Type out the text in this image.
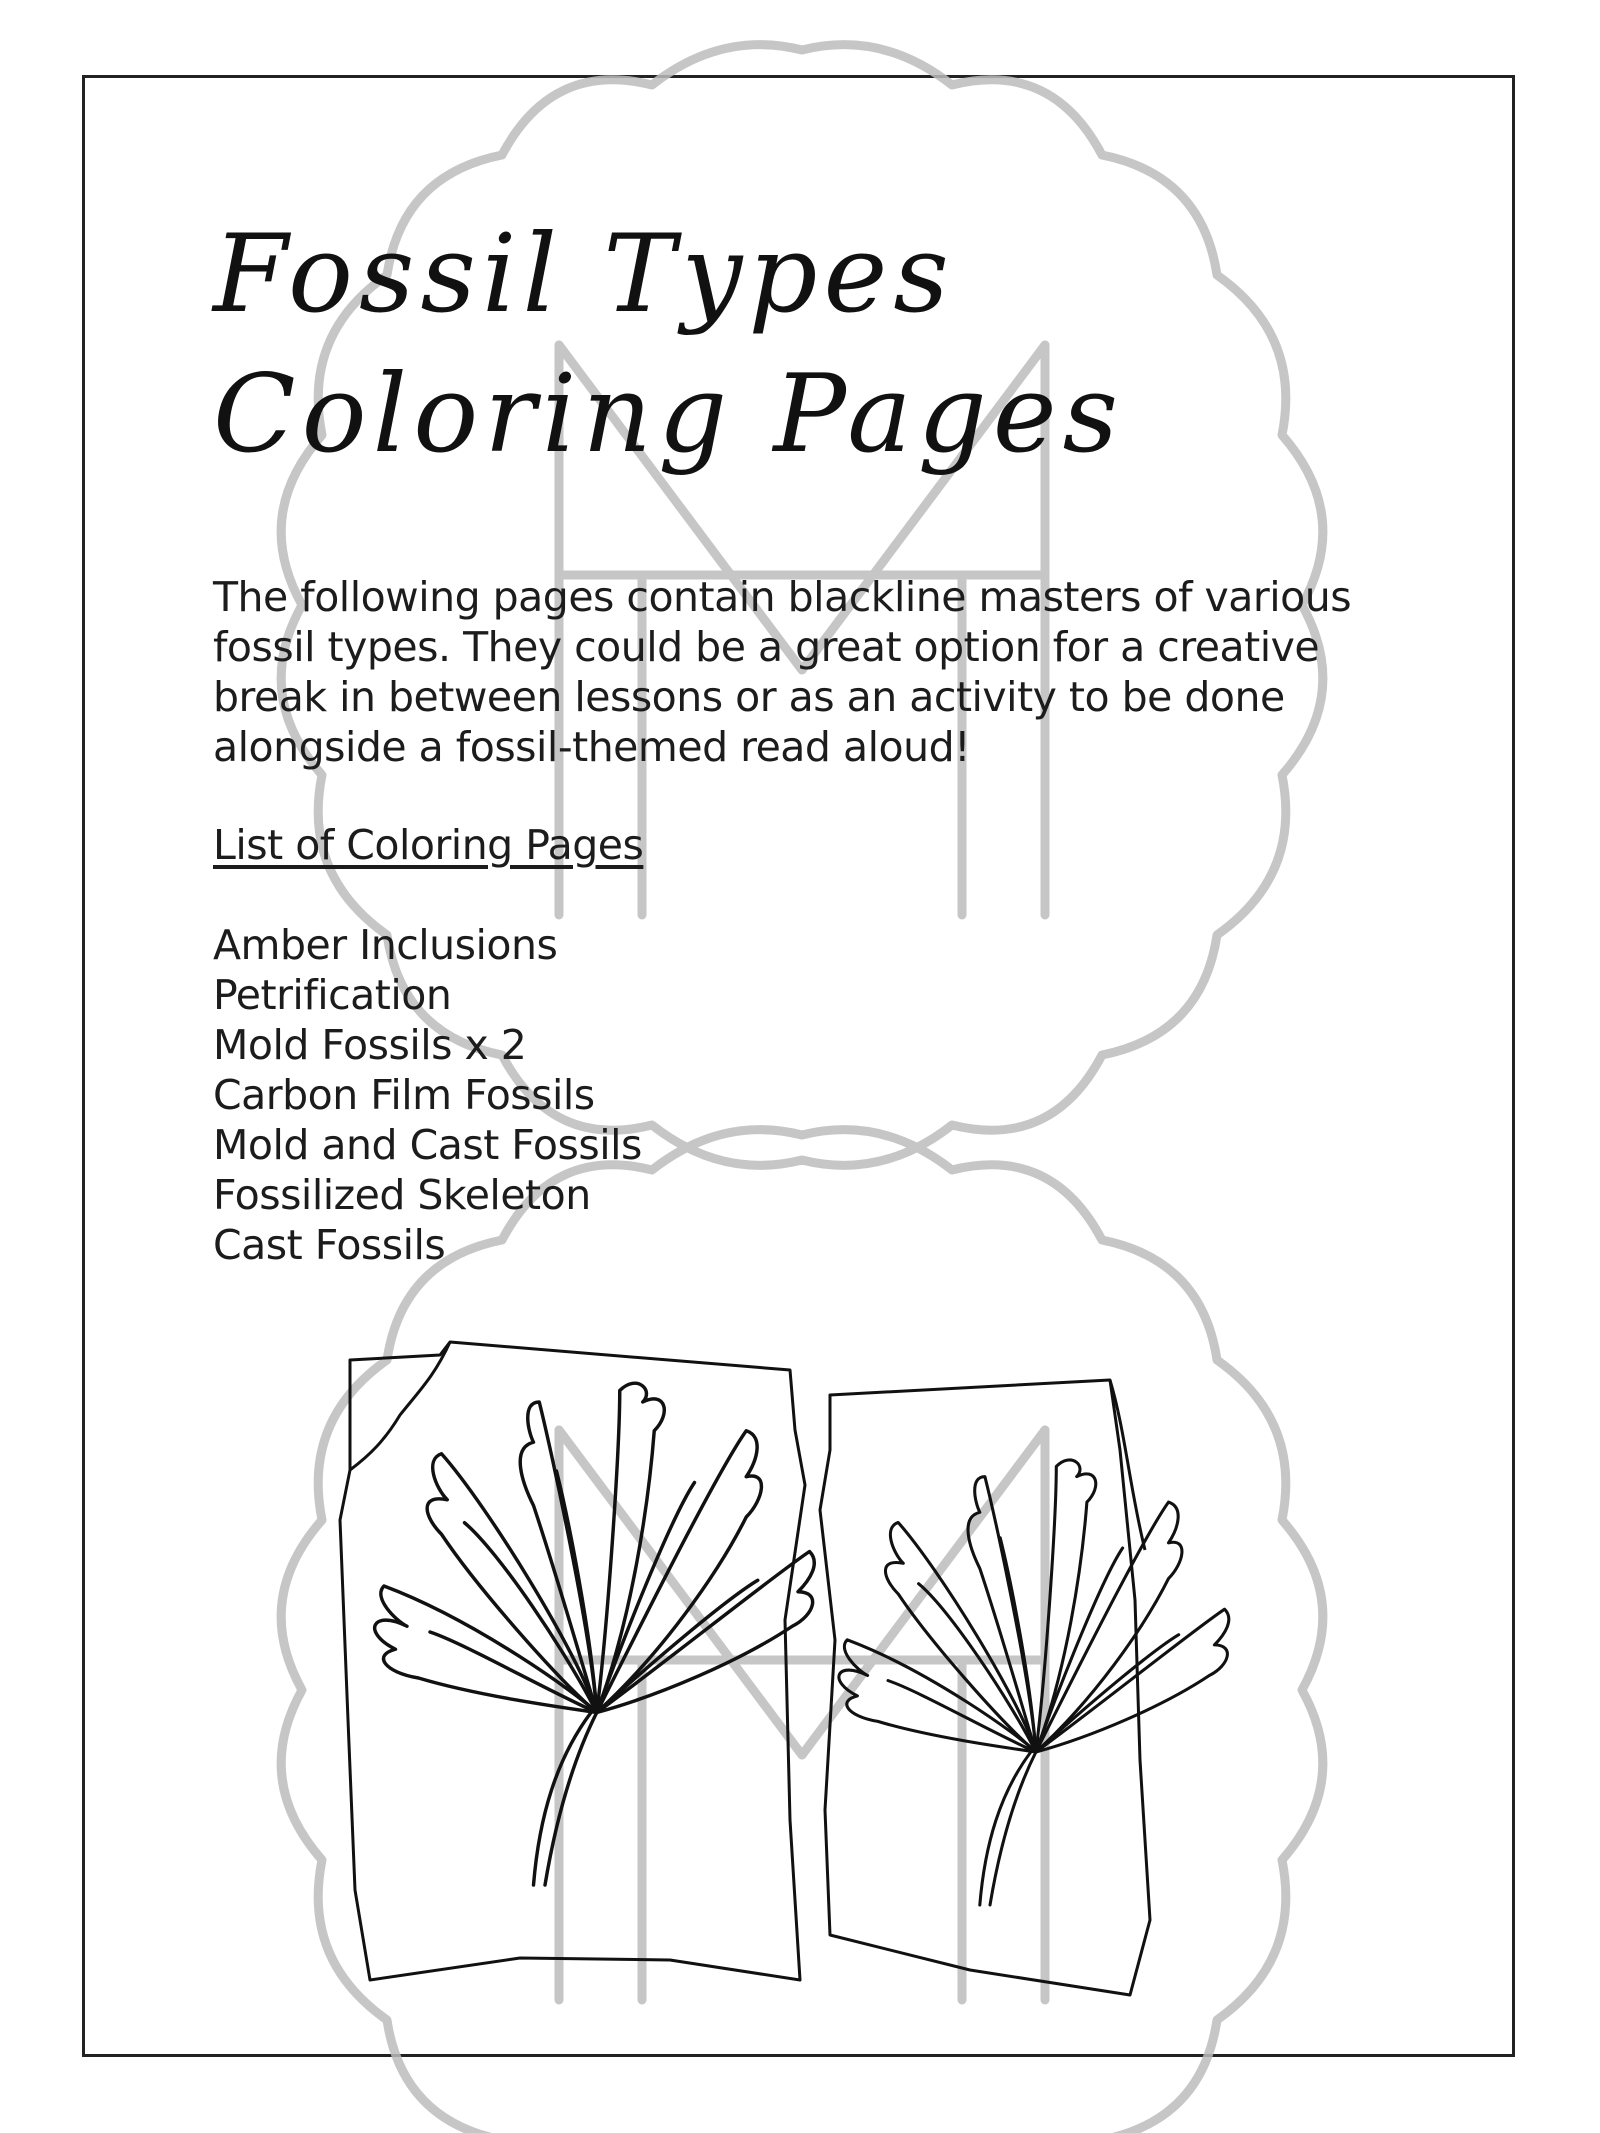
Fossil Types
Coloring Pages

The following pages contain blackline masters of various fossil types. They could be a great option for a creative break in between lessons or as an activity to be done alongside a fossil-themed read aloud!

List of Coloring Pages
Amber Inclusions
Petrification
Mold Fossils x 2
Carbon Film Fossils
Mold and Cast Fossils
Fossilized Skeleton
Cast Fossils
